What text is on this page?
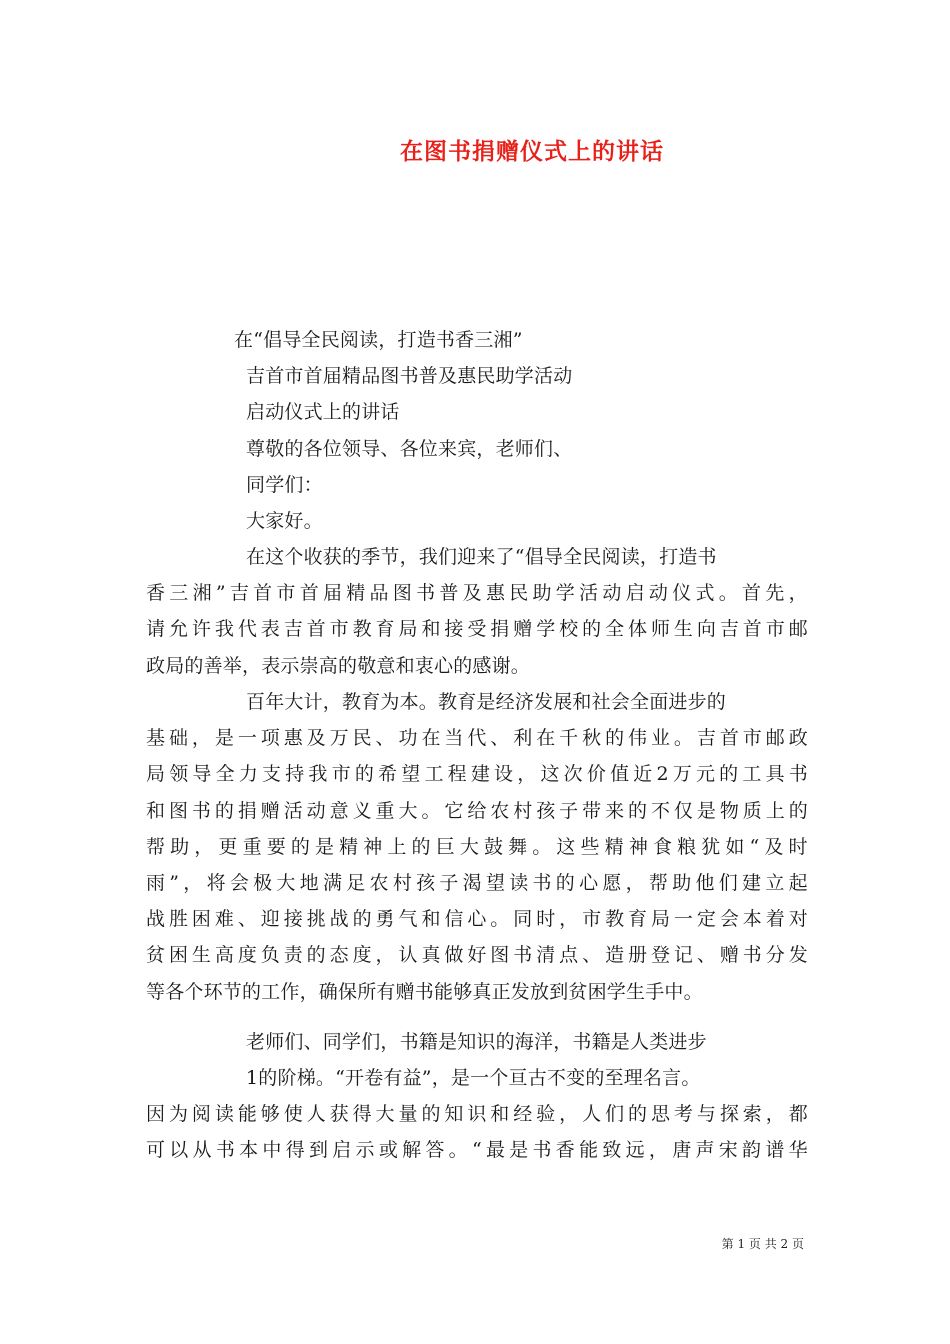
在图书捐赠仪式上的讲话
在“倡导全民阅读，打造书香三湘”
吉首市首届精品图书普及惠民助学活动
启动仪式上的讲话
尊敬的各位领导、各位来宾，老师们、
同学们：
大家好。
在这个收获的季节，我们迎来了“倡导全民阅读，打造书
香 三 湘 ” 吉 首 市 首 届 精 品 图 书 普 及 惠 民 助 学 活 动 启 动 仪 式 。 首 先 ，
请 允 许 我 代 表 吉 首 市 教 育 局 和 接 受 捐 赠 学 校 的 全 体 师 生 向 吉 首 市 邮
政局的善举，表示崇高的敬意和衷心的感谢。
百年大计，教育为本。教育是经济发展和社会全面进步的
基 础 ， 是 一 项 惠 及 万 民 、 功 在 当 代 、 利 在 千 秋 的 伟 业 。 吉 首 市 邮 政
局 领 导 全 力 支 持 我 市 的 希 望 工 程 建 设 ， 这 次 价 值 近 2 万 元 的 工 具 书
和 图 书 的 捐 赠 活 动 意 义 重 大 。 它 给 农 村 孩 子 带 来 的 不 仅 是 物 质 上 的
帮 助 ， 更 重 要 的 是 精 神 上 的 巨 大 鼓 舞 。 这 些 精 神 食 粮 犹 如 “ 及 时
雨 ” ， 将 会 极 大 地 满 足 农 村 孩 子 渴 望 读 书 的 心 愿 ， 帮 助 他 们 建 立 起
战 胜 困 难 、 迎 接 挑 战 的 勇 气 和 信 心 。 同 时 ， 市 教 育 局 一 定 会 本 着 对
贫 困 生 高 度 负 责 的 态 度 ， 认 真 做 好 图 书 清 点 、 造 册 登 记 、 赠 书 分 发
等各个环节的工作，确保所有赠书能够真正发放到贫困学生手中。
老师们、同学们，书籍是知识的海洋，书籍是人类进步
1的阶梯。“开卷有益”，是一个亘古不变的至理名言。
因 为 阅 读 能 够 使 人 获 得 大 量 的 知 识 和 经 验 ， 人 们 的 思 考 与 探 索 ， 都
可 以 从 书 本 中 得 到 启 示 或 解 答 。 “ 最 是 书 香 能 致 远 ， 唐 声 宋 韵 谱 华
第 1 页 共 2 页
